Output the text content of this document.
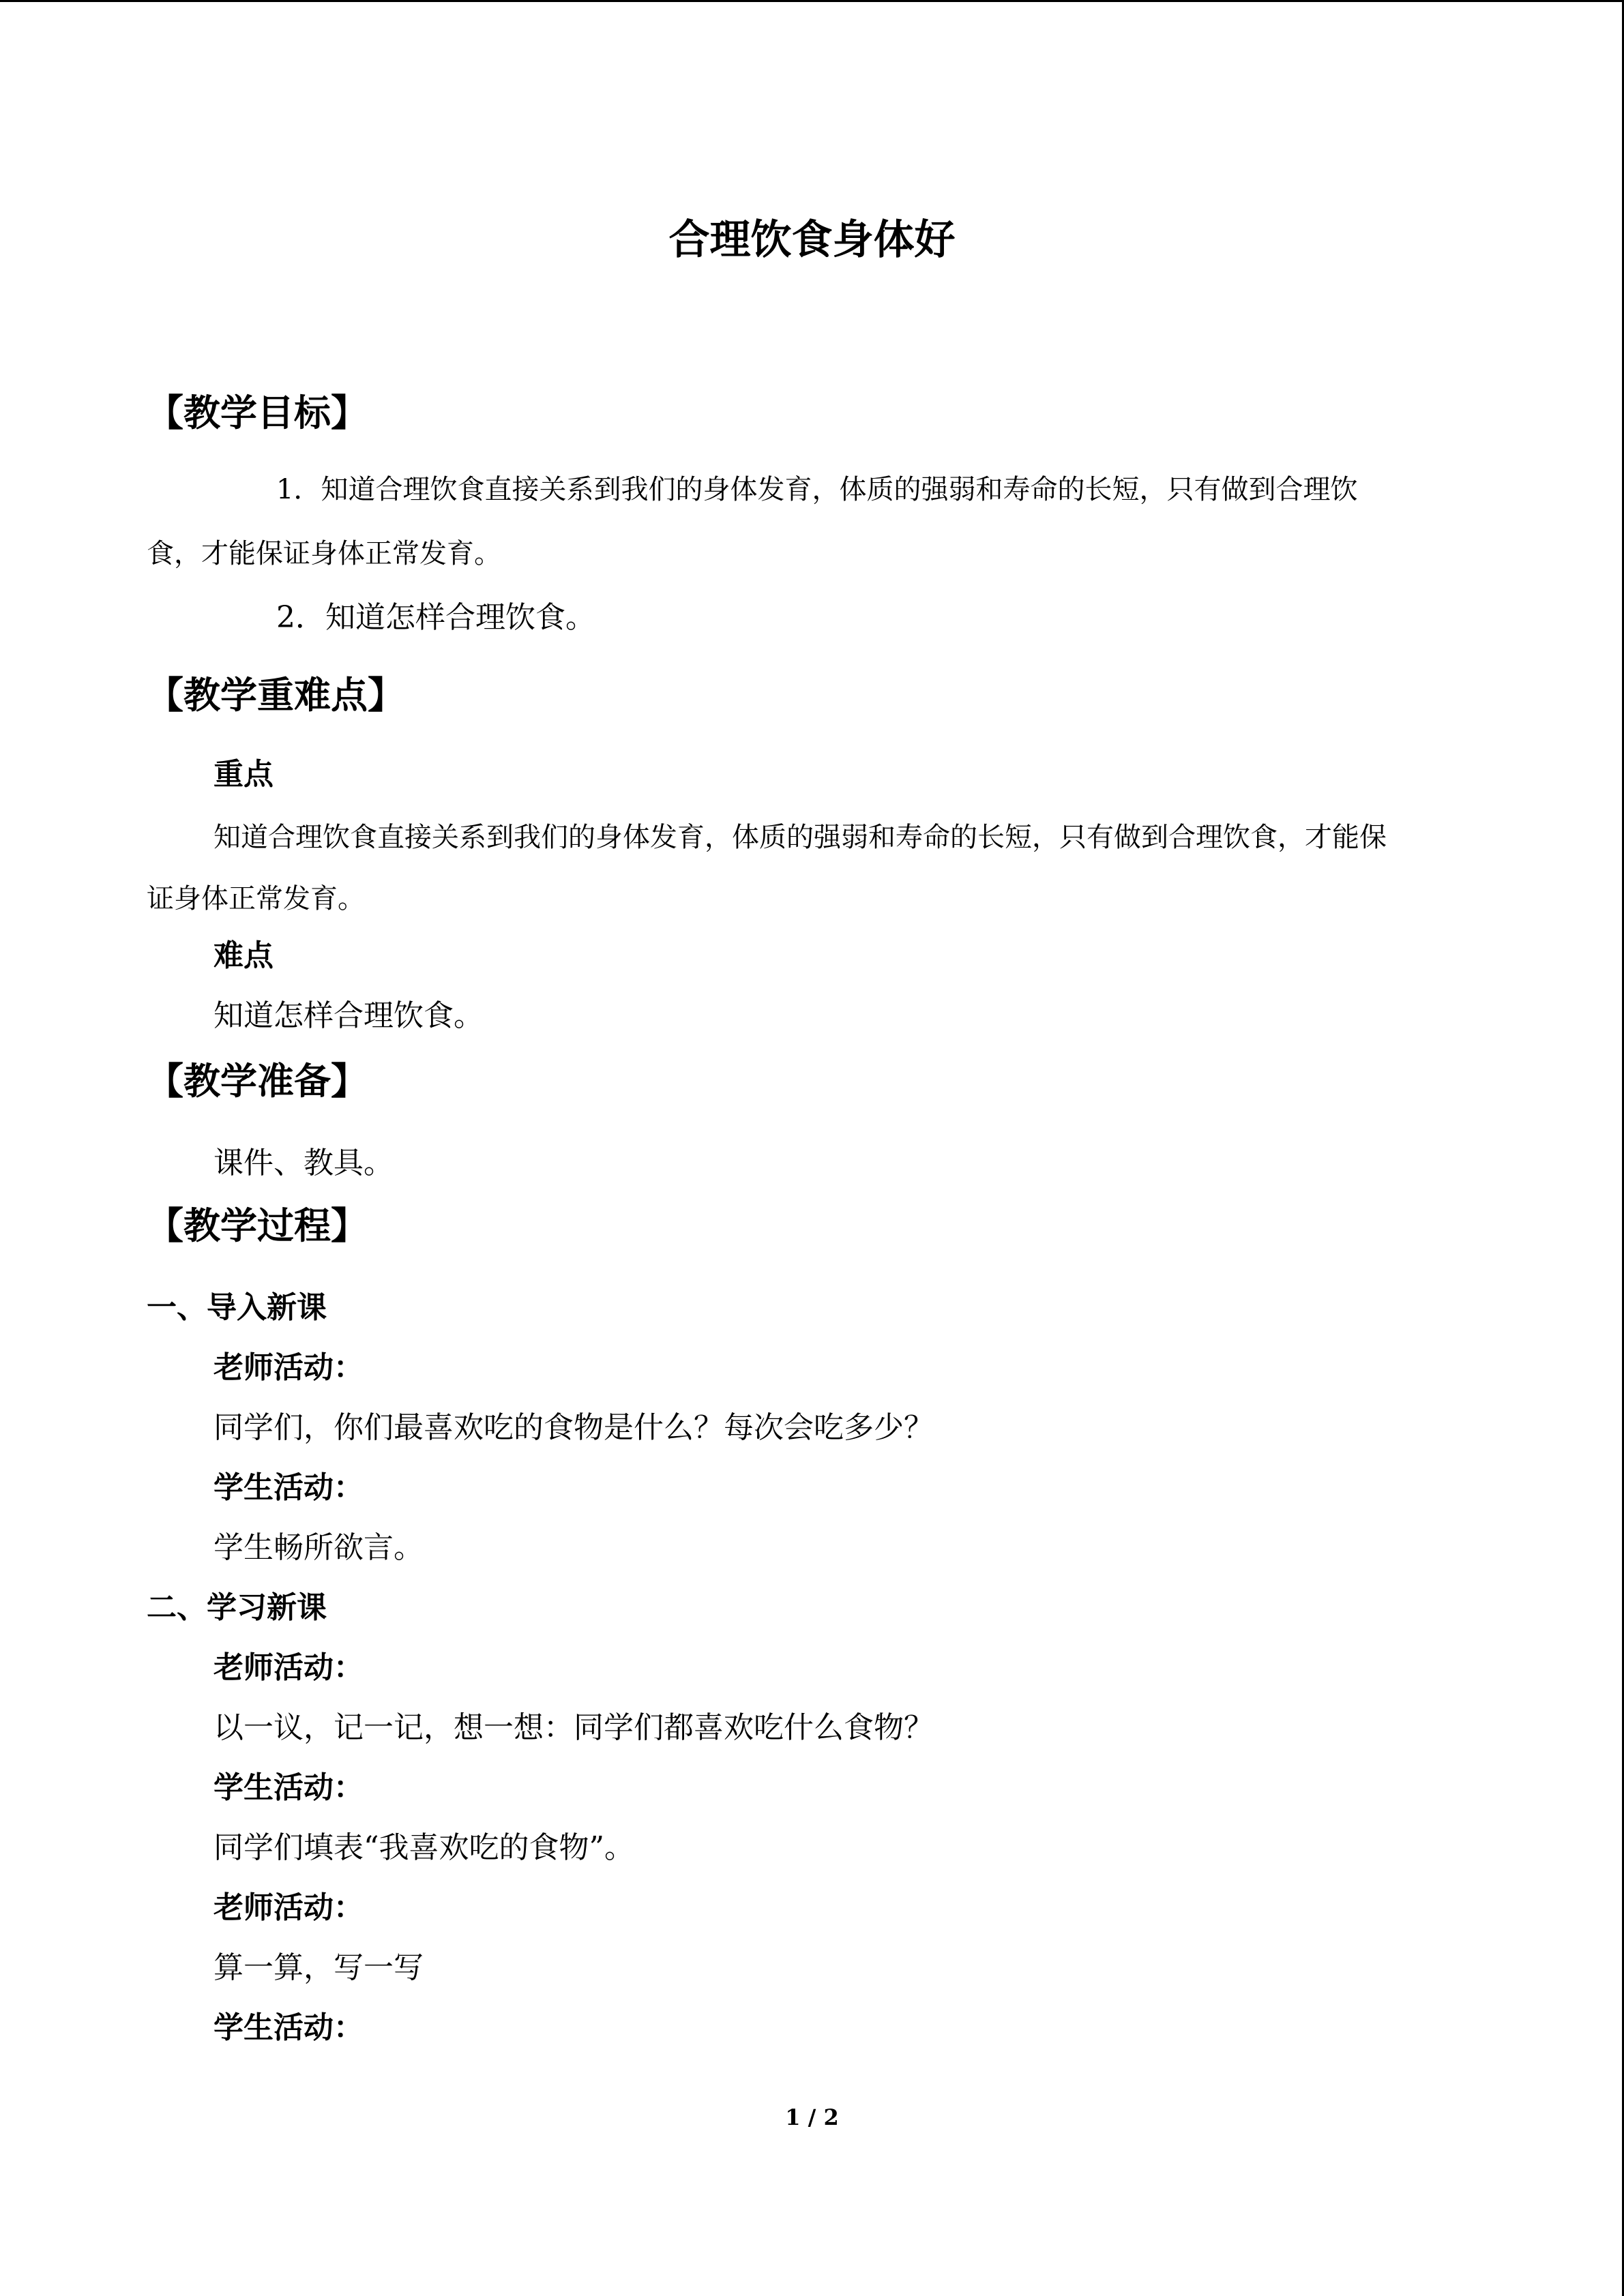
合理饮食身体好
【教学目标】
1．知道合理饮食直接关系到我们的身体发育，体质的强弱和寿命的长短，只有做到合理饮
食，才能保证身体正常发育。
2．知道怎样合理饮食。
【教学重难点】
重点
知道合理饮食直接关系到我们的身体发育，体质的强弱和寿命的长短，只有做到合理饮食，才能保
证身体正常发育。
难点
知道怎样合理饮食。
【教学准备】
课件、教具。
【教学过程】
一、导入新课
老师活动：
同学们，你们最喜欢吃的食物是什么？每次会吃多少？
学生活动：
学生畅所欲言。
二、学习新课
老师活动：
以一议，记一记，想一想：同学们都喜欢吃什么食物？
学生活动：
同学们填表“我喜欢吃的食物”。
老师活动：
算一算，写一写
学生活动：
1 / 2
